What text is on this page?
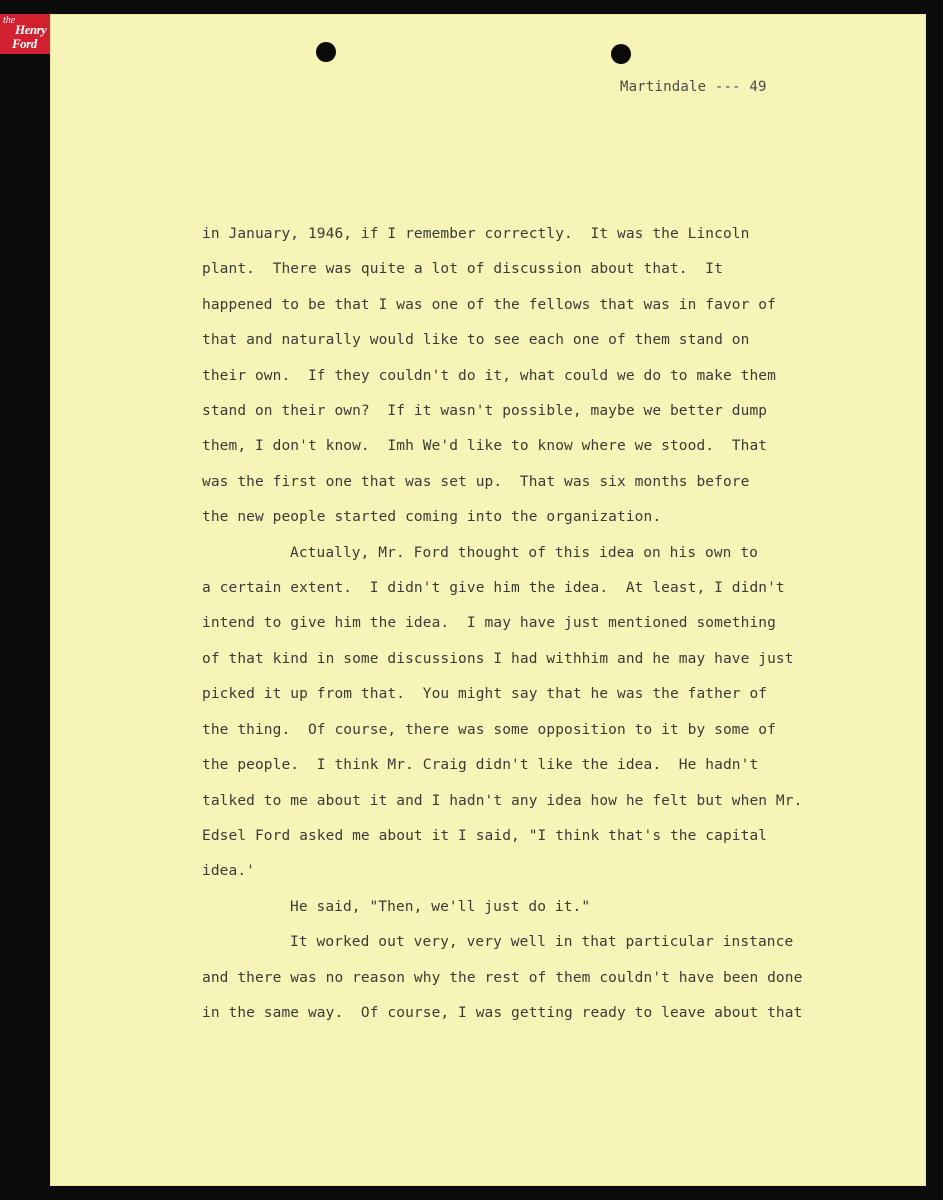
the
Henry
Ford
Martindale --- 49
in January, 1946, if I remember correctly.  It was the Lincoln
plant.  There was quite a lot of discussion about that.  It
happened to be that I was one of the fellows that was in favor of
that and naturally would like to see each one of them stand on
their own.  If they couldn't do it, what could we do to make them
stand on their own?  If it wasn't possible, maybe we better dump
them, I don't know.  Imh We'd like to know where we stood.  That
was the first one that was set up.  That was six months before
the new people started coming into the organization.
Actually, Mr. Ford thought of this idea on his own to
a certain extent.  I didn't give him the idea.  At least, I didn't
intend to give him the idea.  I may have just mentioned something
of that kind in some discussions I had withhim and he may have just
picked it up from that.  You might say that he was the father of
the thing.  Of course, there was some opposition to it by some of
the people.  I think Mr. Craig didn't like the idea.  He hadn't
talked to me about it and I hadn't any idea how he felt but when Mr.
Edsel Ford asked me about it I said, "I think that's the capital
idea.'
He said, "Then, we'll just do it."
It worked out very, very well in that particular instance
and there was no reason why the rest of them couldn't have been done
in the same way.  Of course, I was getting ready to leave about that
